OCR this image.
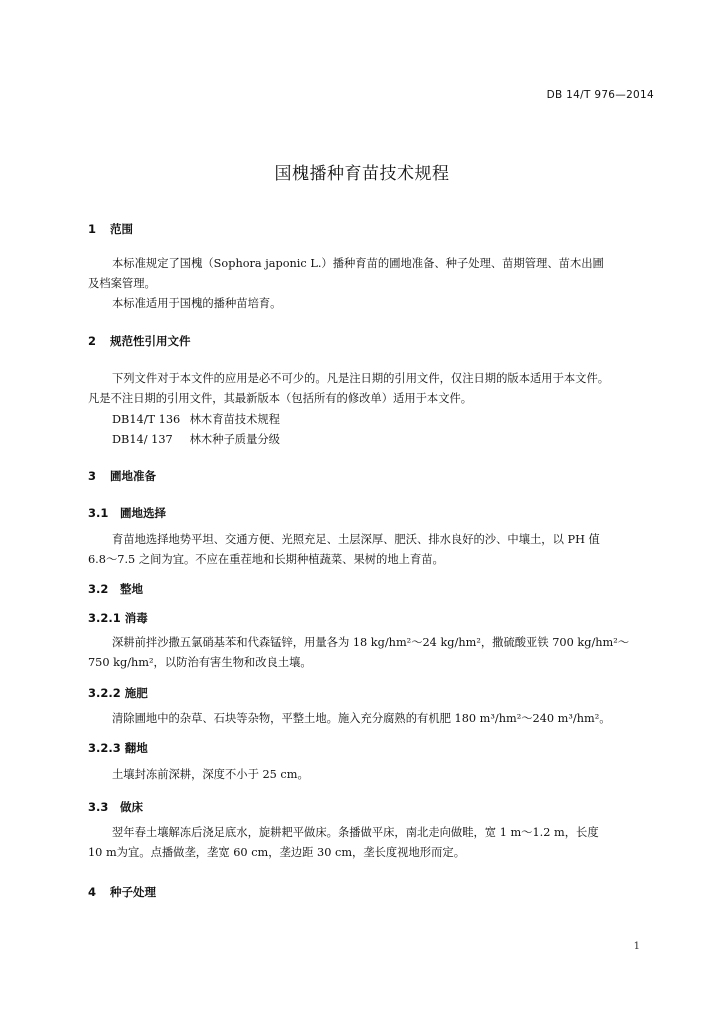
DB 14/T 976—2014
国槐播种育苗技术规程
1 范围
本标准规定了国槐（Sophora japonic L.）播种育苗的圃地准备、种子处理、苗期管理、苗木出圃
及档案管理。
本标准适用于国槐的播种苗培育。
2 规范性引用文件
下列文件对于本文件的应用是必不可少的。凡是注日期的引用文件，仅注日期的版本适用于本文件。
凡是不注日期的引用文件，其最新版本（包括所有的修改单）适用于本文件。
DB14/T 136 林木育苗技术规程
DB14/ 137 林木种子质量分级
3 圃地准备
3.1 圃地选择
育苗地选择地势平坦、交通方便、光照充足、土层深厚、肥沃、排水良好的沙、中壤土，以 PH 值
6.8～7.5 之间为宜。不应在重茬地和长期种植蔬菜、果树的地上育苗。
3.2 整地
3.2.1 消毒
深耕前拌沙撒五氯硝基苯和代森锰锌，用量各为 18 kg/hm²～24 kg/hm²，撒硫酸亚铁 700 kg/hm²～
750 kg/hm²，以防治有害生物和改良土壤。
3.2.2 施肥
清除圃地中的杂草、石块等杂物，平整土地。施入充分腐熟的有机肥 180 m³/hm²～240 m³/hm²。
3.2.3 翻地
土壤封冻前深耕，深度不小于 25 cm。
3.3 做床
翌年春土壤解冻后浇足底水，旋耕耙平做床。条播做平床，南北走向做畦，宽 1 m～1.2 m，长度
10 m为宜。点播做垄，垄宽 60 cm，垄边距 30 cm，垄长度视地形而定。
4 种子处理
1
